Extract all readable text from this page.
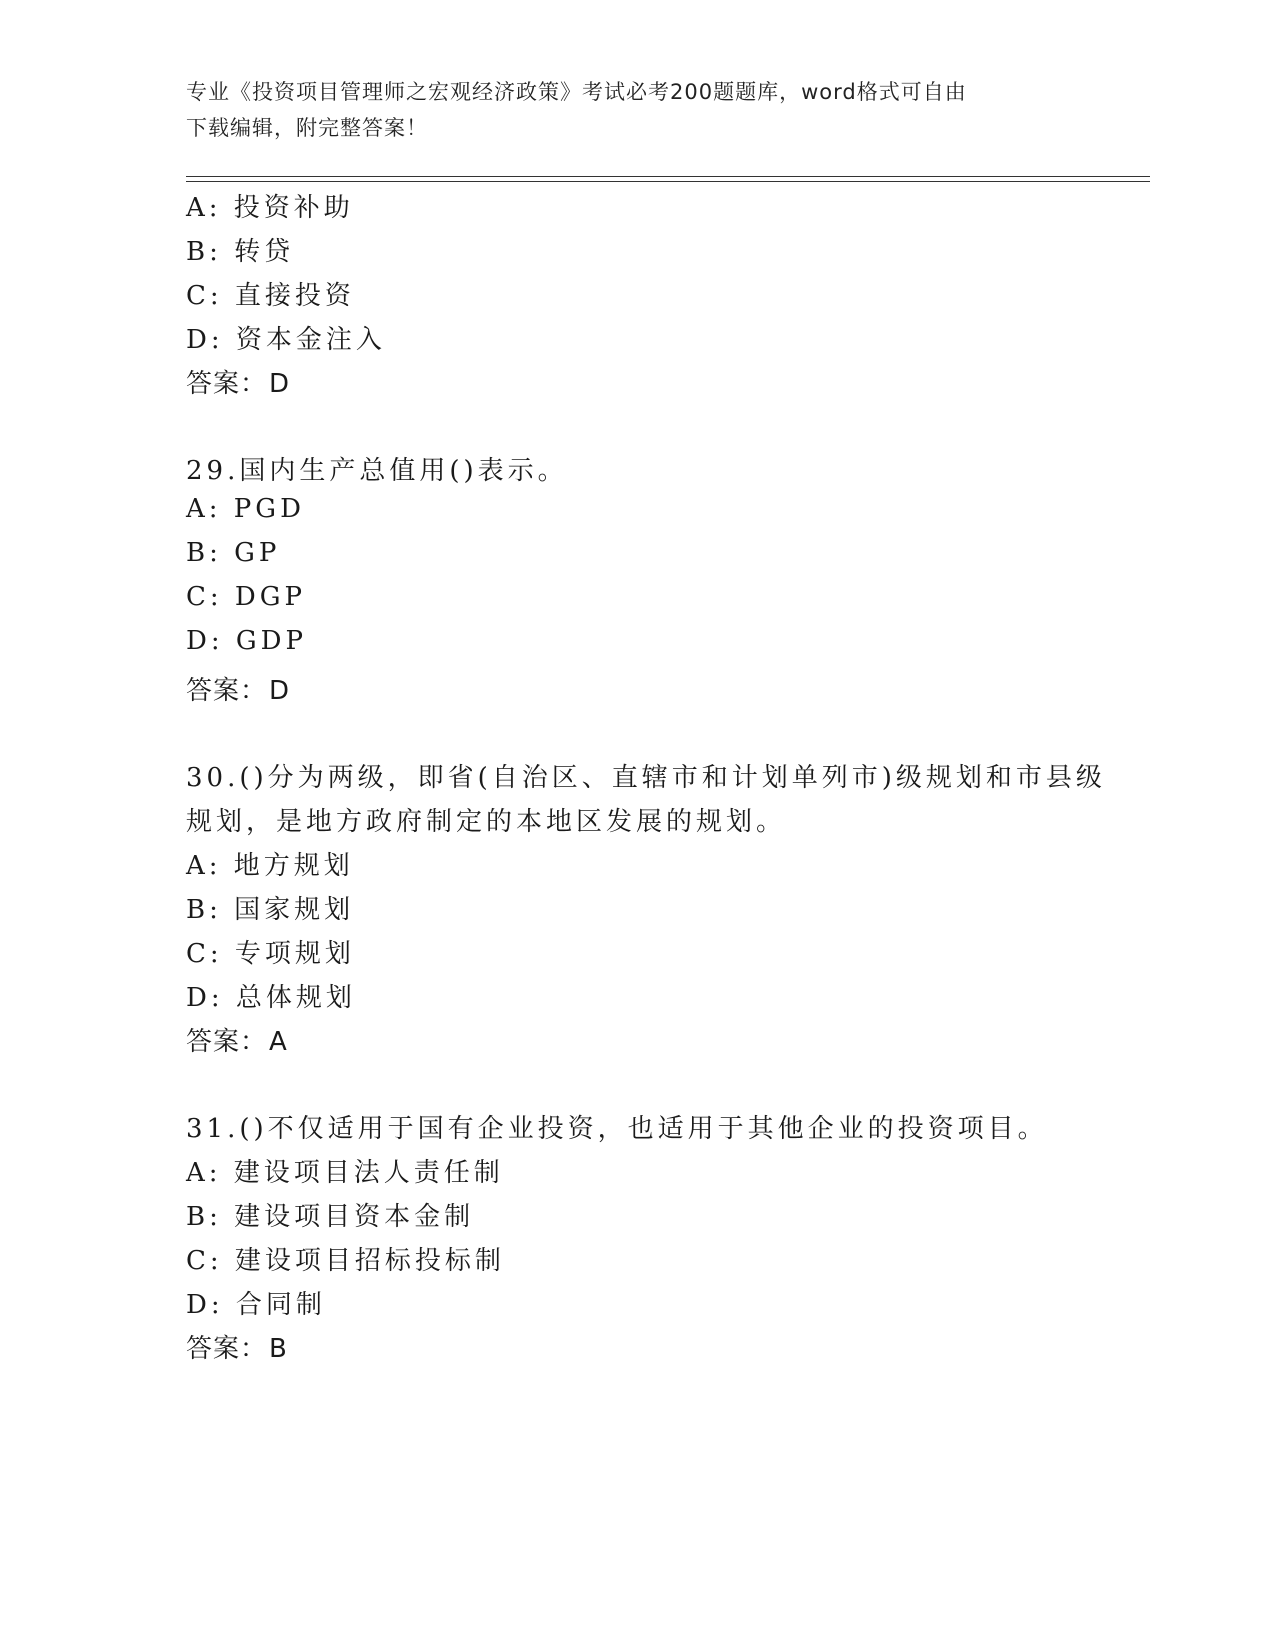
专业《投资项目管理师之宏观经济政策》考试必考200题题库，word格式可自由
下载编辑，附完整答案！
A: 投资补助
B: 转贷
C: 直接投资
D: 资本金注入
答案：D
29.国内生产总值用()表示。
A: PGD
B: GP
C: DGP
D: GDP
答案：D
30.()分为两级，即省(自治区、直辖市和计划单列市)级规划和市县级
规划，是地方政府制定的本地区发展的规划。
A: 地方规划
B: 国家规划
C: 专项规划
D: 总体规划
答案：A
31.()不仅适用于国有企业投资，也适用于其他企业的投资项目。
A: 建设项目法人责任制
B: 建设项目资本金制
C: 建设项目招标投标制
D: 合同制
答案：B
